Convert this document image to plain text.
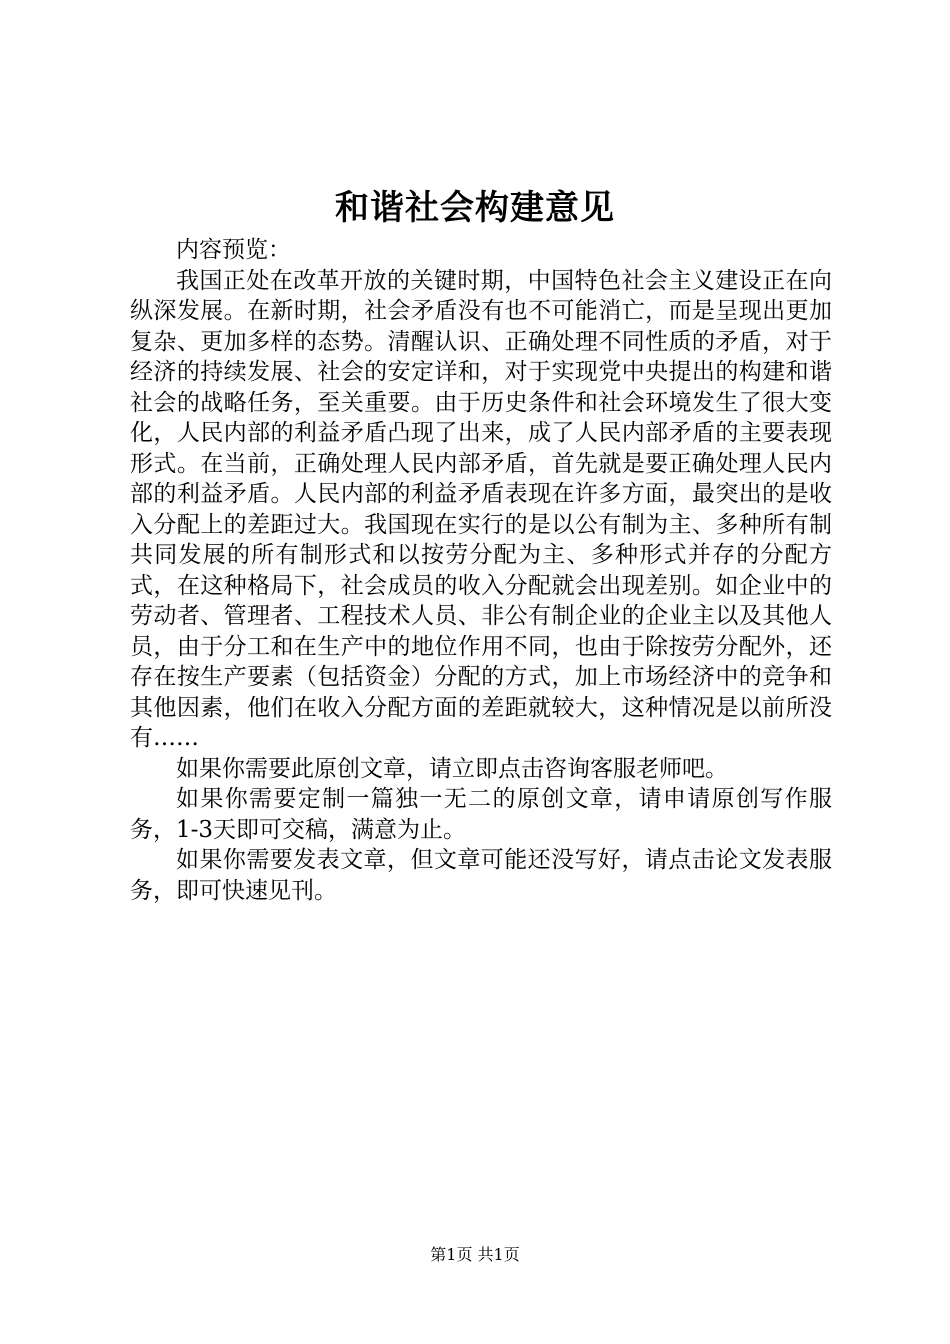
和谐社会构建意见

内容预览：

我国正处在改革开放的关键时期，中国特色社会主义建设正在向纵深发展。在新时期，社会矛盾没有也不可能消亡，而是呈现出更加复杂、更加多样的态势。清醒认识、正确处理不同性质的矛盾，对于经济的持续发展、社会的安定详和，对于实现党中央提出的构建和谐社会的战略任务，至关重要。由于历史条件和社会环境发生了很大变化，人民内部的利益矛盾凸现了出来，成了人民内部矛盾的主要表现形式。在当前，正确处理人民内部矛盾，首先就是要正确处理人民内部的利益矛盾。人民内部的利益矛盾表现在许多方面，最突出的是收入分配上的差距过大。我国现在实行的是以公有制为主、多种所有制共同发展的所有制形式和以按劳分配为主、多种形式并存的分配方式，在这种格局下，社会成员的收入分配就会出现差别。如企业中的劳动者、管理者、工程技术人员、非公有制企业的企业主以及其他人员，由于分工和在生产中的地位作用不同，也由于除按劳分配外，还存在按生产要素（包括资金）分配的方式，加上市场经济中的竞争和其他因素，他们在收入分配方面的差距就较大，这种情况是以前所没有……

如果你需要此原创文章，请立即点击咨询客服老师吧。

如果你需要定制一篇独一无二的原创文章，请申请原创写作服务，1-3天即可交稿，满意为止。

如果你需要发表文章，但文章可能还没写好，请点击论文发表服务，即可快速见刊。

第1页 共1页
